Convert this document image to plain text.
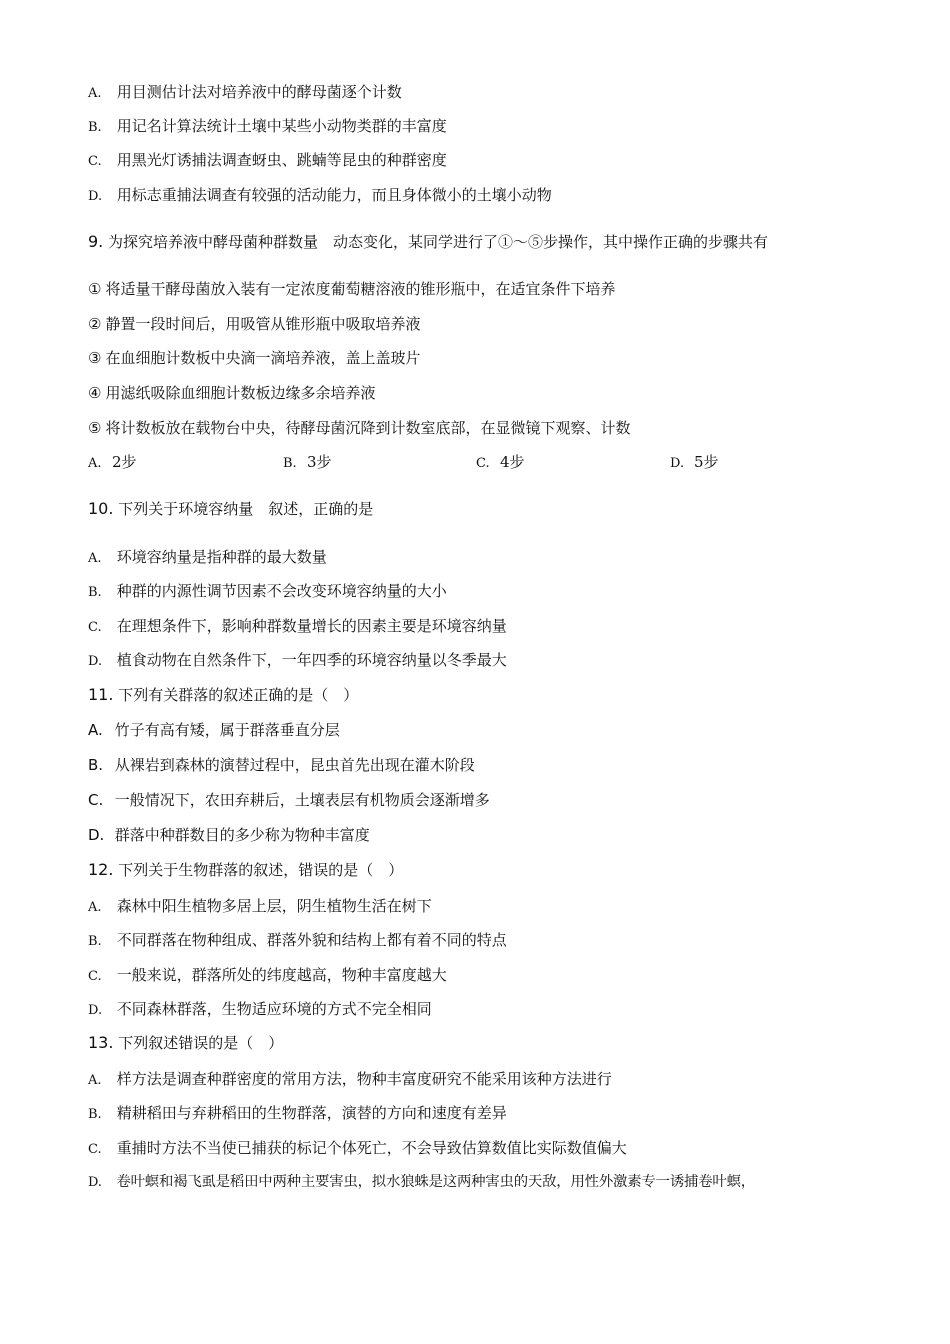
A. 用目测估计法对培养液中的酵母菌逐个计数
B. 用记名计算法统计土壤中某些小动物类群的丰富度
C. 用黑光灯诱捕法调查蚜虫、跳蝻等昆虫的种群密度
D. 用标志重捕法调查有较强的活动能力，而且身体微小的土壤小动物
9. 为探究培养液中酵母菌种群数量　动态变化，某同学进行了①～⑤步操作，其中操作正确的步骤共有
① 将适量干酵母菌放入装有一定浓度葡萄糖溶液的锥形瓶中，在适宜条件下培养
② 静置一段时间后，用吸管从锥形瓶中吸取培养液
③ 在血细胞计数板中央滴一滴培养液，盖上盖玻片
④ 用滤纸吸除血细胞计数板边缘多余培养液
⑤ 将计数板放在载物台中央，待酵母菌沉降到计数室底部，在显微镜下观察、计数
A. 2步	B. 3步	C. 4步	D. 5步
10. 下列关于环境容纳量　叙述，正确的是
A. 环境容纳量是指种群的最大数量
B. 种群的内源性调节因素不会改变环境容纳量的大小
C. 在理想条件下，影响种群数量增长的因素主要是环境容纳量
D. 植食动物在自然条件下，一年四季的环境容纳量以冬季最大
11. 下列有关群落的叙述正确的是（　）
A. 竹子有高有矮，属于群落垂直分层
B. 从裸岩到森林的演替过程中，昆虫首先出现在灌木阶段
C. 一般情况下，农田弃耕后，土壤表层有机物质会逐渐增多
D. 群落中种群数目的多少称为物种丰富度
12. 下列关于生物群落的叙述，错误的是（　）
A. 森林中阳生植物多居上层，阴生植物生活在树下
B. 不同群落在物种组成、群落外貌和结构上都有着不同的特点
C. 一般来说，群落所处的纬度越高，物种丰富度越大
D. 不同森林群落，生物适应环境的方式不完全相同
13. 下列叙述错误的是（　）
A. 样方法是调查种群密度的常用方法，物种丰富度研究不能采用该种方法进行
B. 精耕稻田与弃耕稻田的生物群落，演替的方向和速度有差异
C. 重捕时方法不当使已捕获的标记个体死亡，不会导致估算数值比实际数值偏大
D. 卷叶螟和褐飞虱是稻田中两种主要害虫，拟水狼蛛是这两种害虫的天敌，用性外激素专一诱捕卷叶螟，
